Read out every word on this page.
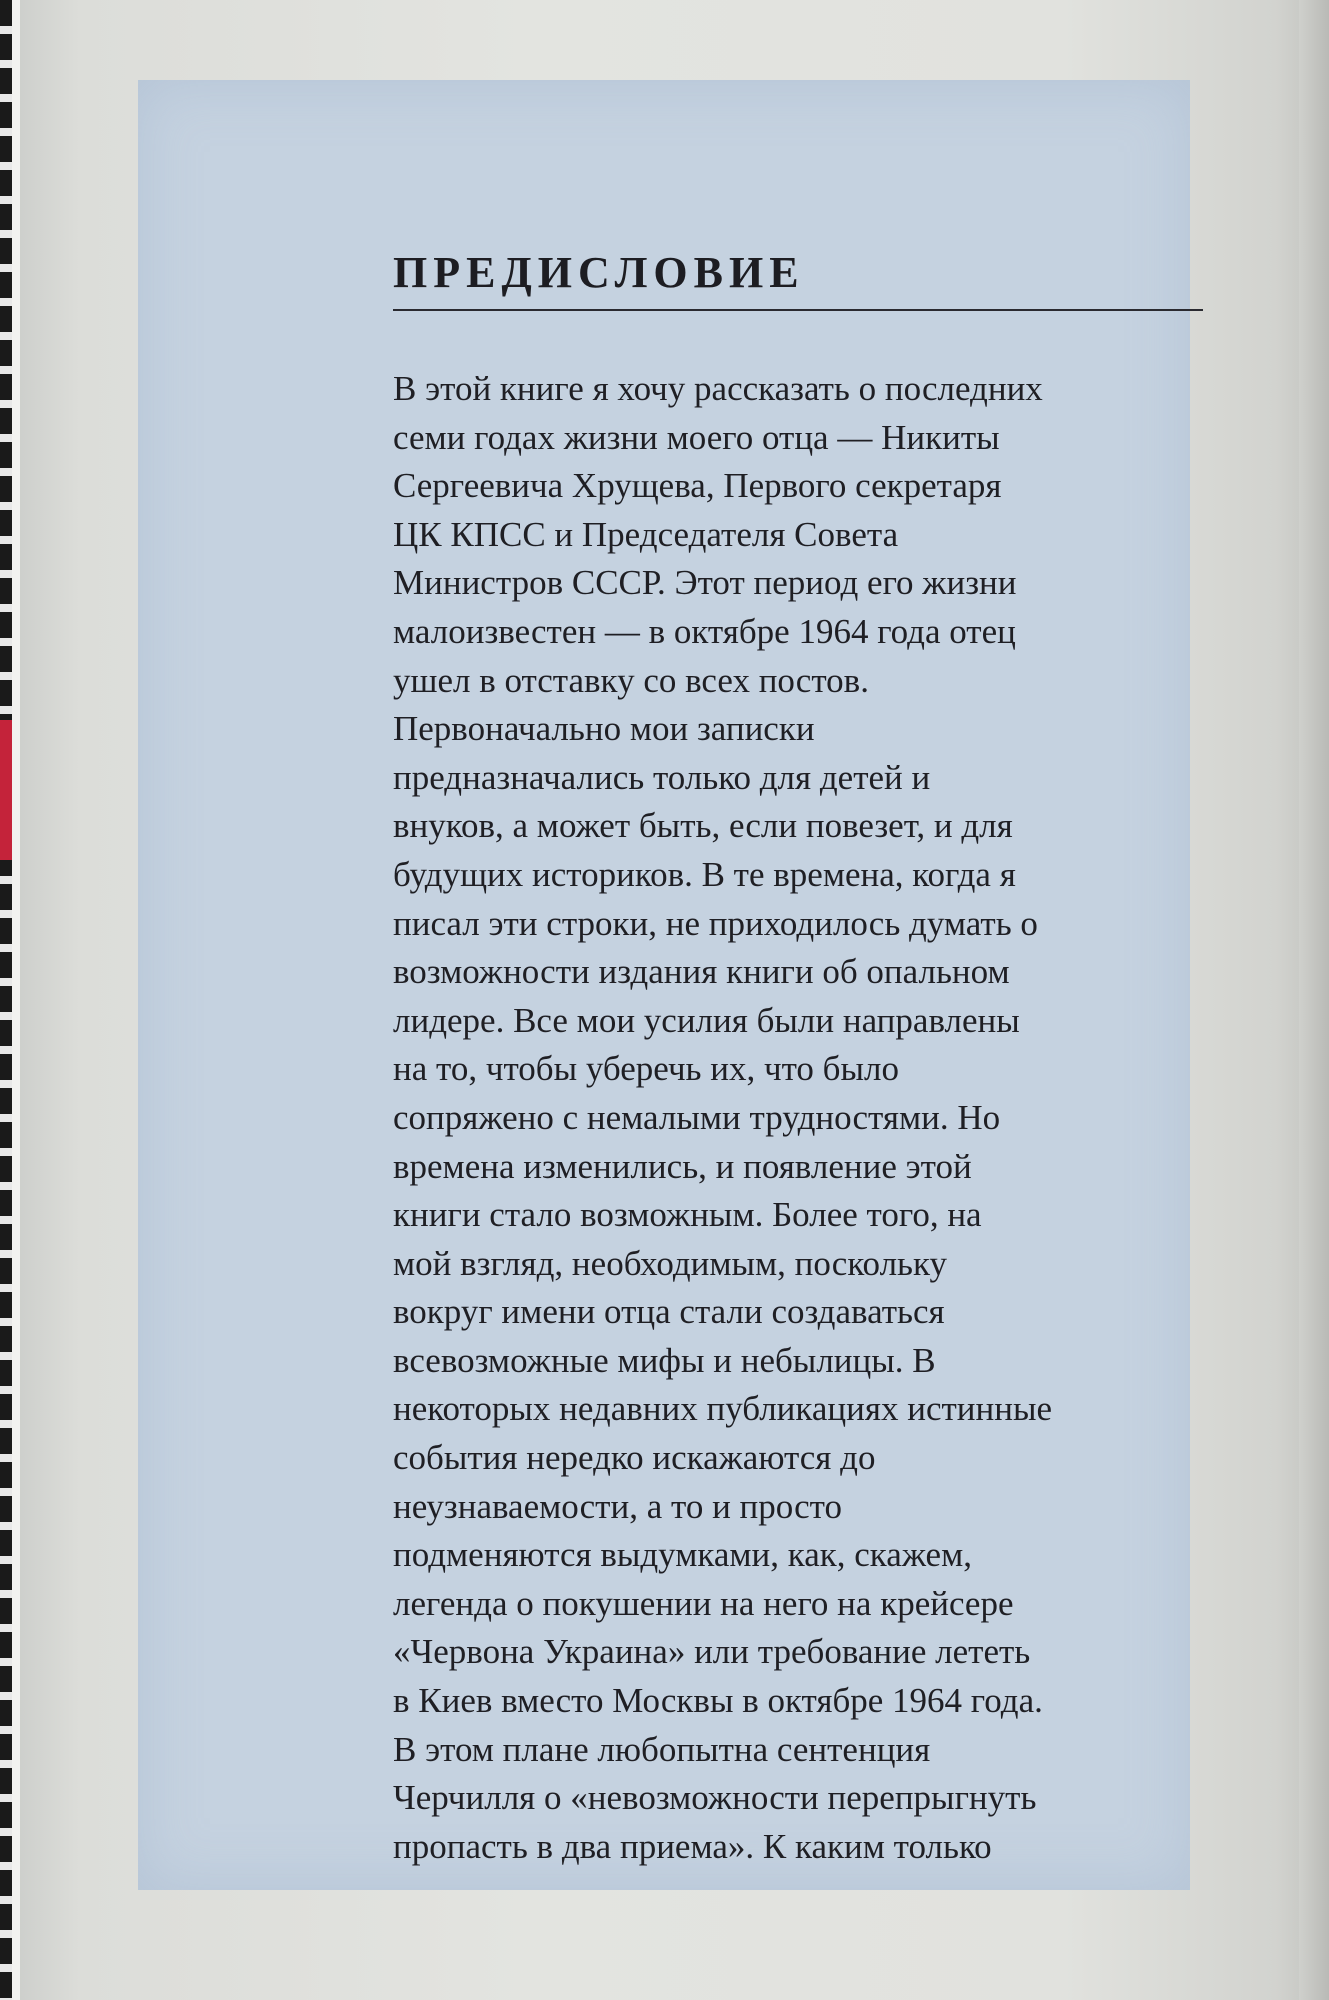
ПРЕДИСЛОВИЕ
В этой книге я хочу рассказать о последних
семи годах жизни моего отца — Никиты
Сергеевича Хрущева, Первого секретаря
ЦК КПСС и Председателя Совета
Министров СССР. Этот период его жизни
малоизвестен — в октябре 1964 года отец
ушел в отставку со всех постов.
Первоначально мои записки
предназначались только для детей и
внуков, а может быть, если повезет, и для
будущих историков. В те времена, когда я
писал эти строки, не приходилось думать о
возможности издания книги об опальном
лидере. Все мои усилия были направлены
на то, чтобы уберечь их, что было
сопряжено с немалыми трудностями. Но
времена изменились, и появление этой
книги стало возможным. Более того, на
мой взгляд, необходимым, поскольку
вокруг имени отца стали создаваться
всевозможные мифы и небылицы. В
некоторых недавних публикациях истинные
события нередко искажаются до
неузнаваемости, а то и просто
подменяются выдумками, как, скажем,
легенда о покушении на него на крейсере
«Червона Украина» или требование лететь
в Киев вместо Москвы в октябре 1964 года.
В этом плане любопытна сентенция
Черчилля о «невозможности перепрыгнуть
пропасть в два приема». К каким только
